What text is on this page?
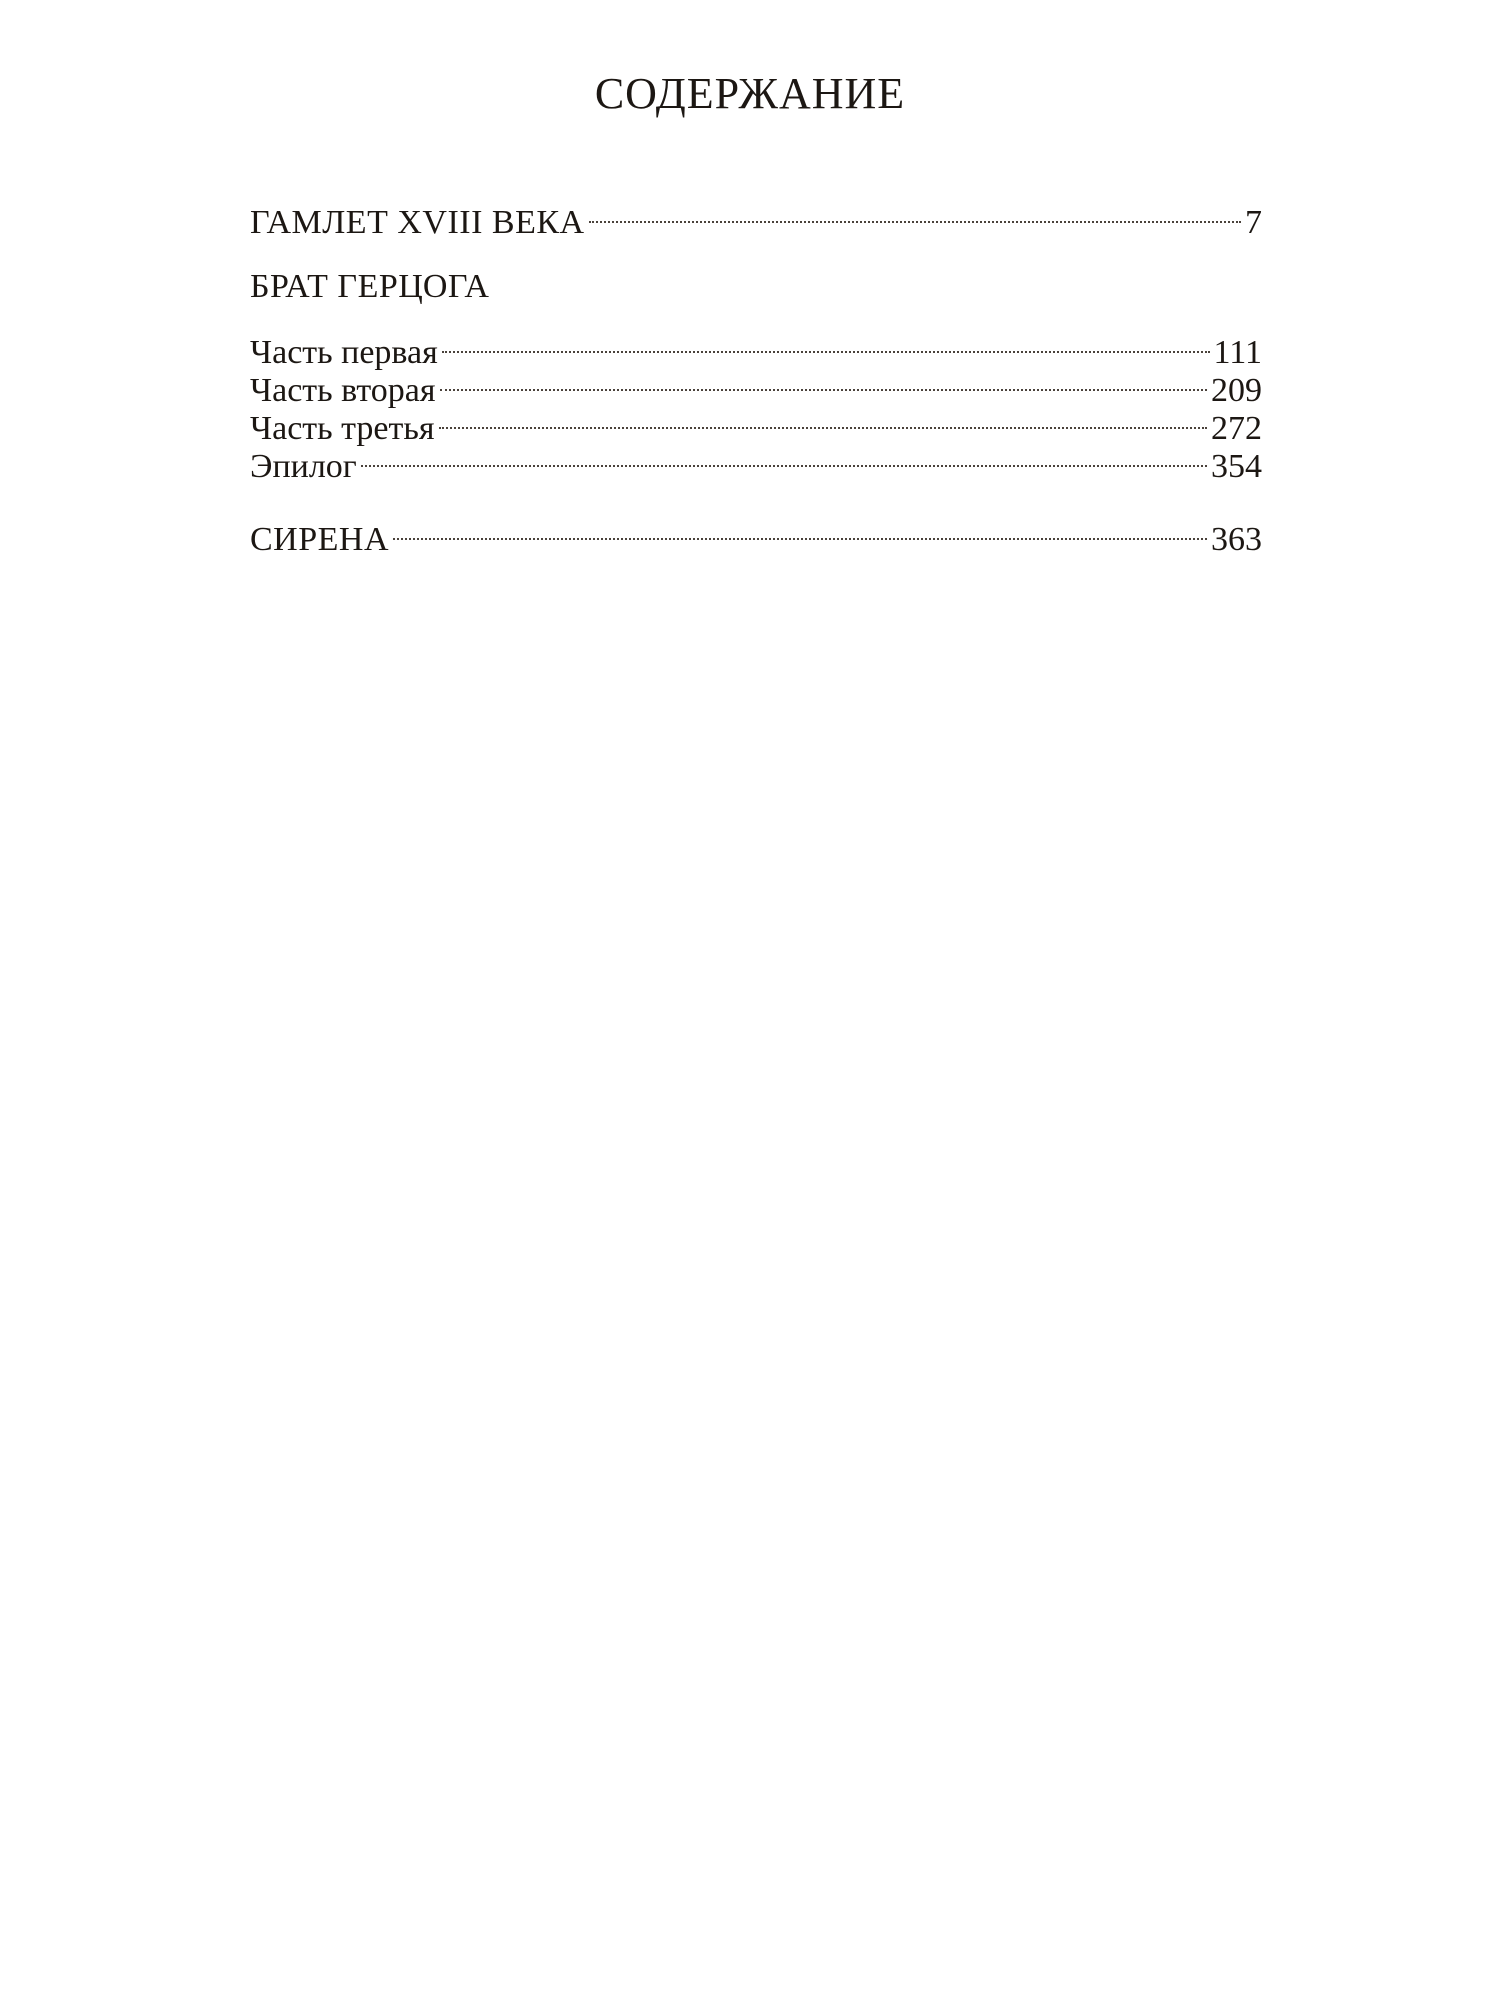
СОДЕРЖАНИЕ
ГАМЛЕТ XVIII ВЕКА	7
БРАТ ГЕРЦОГА
Часть первая	111
Часть вторая	209
Часть третья	272
Эпилог	354
СИРЕНА	363
